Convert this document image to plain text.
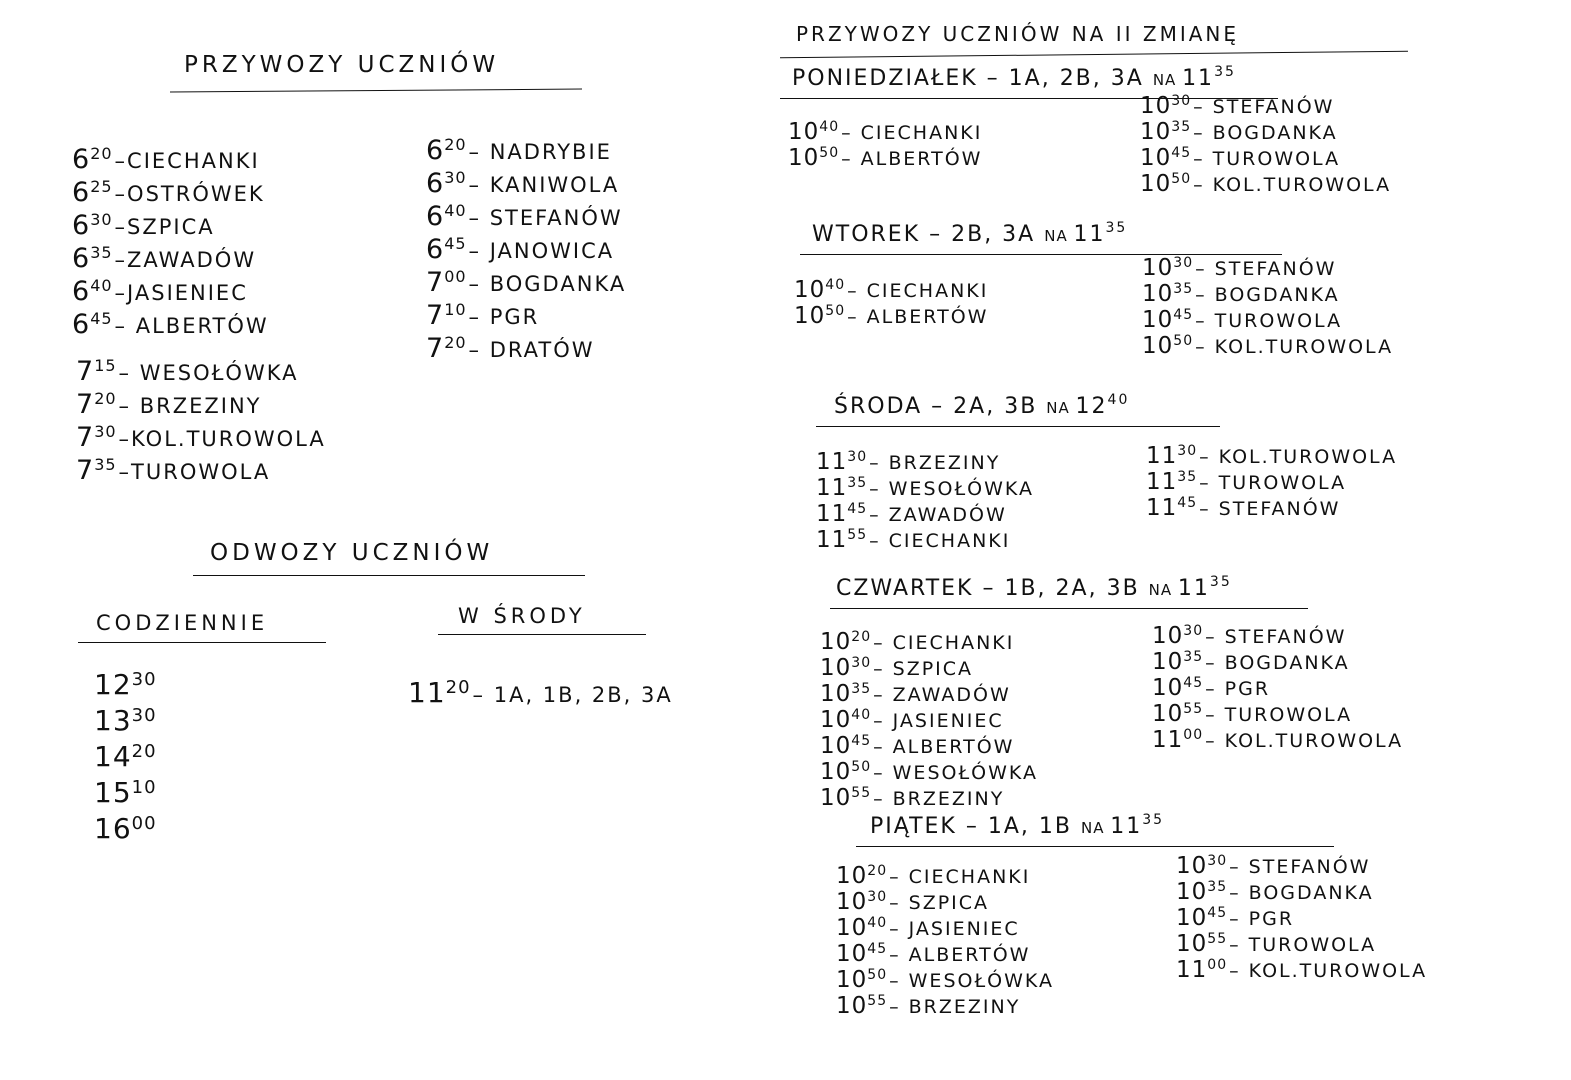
PRZYWOZY UCZNIÓW
$6^{20}$–CIECHANKI
$6^{25}$–OSTRÓWEK
$6^{30}$–SZPICA
$6^{35}$–ZAWADÓW
$6^{40}$–JASIENIEC
$6^{45}-$ ALBERTÓW
$7^{15}-$ WESOŁÓWKA
$7^{20}-$ BRZEZINY
$7^{30}-KOL.TUROWOLA$
$7^{35}$–TUROWOLA
$6^{20}-$ NADRYBIE
$6^{30}-$ KANIWOLA
$6^{40}-$ STEFANÓW
$6^{45}-$ JANOWICA
$7^{00}-$ BOGDANKA
$7^{10}-$ PGR
$7^{20}-$ DRATÓW
ODWOZY UCZNIÓW
CODZIENNIE	W ŚRODY
$12^{30}$
$13^{30}$
$14^{20}$
$15^{10}$
$16^{00}$
$11^{20}-$ 1A, 1B, 2B, 3A
PRZYWOZY UCZNIÓW NA II ZMIANĘ
PONIEDZIAŁEK – 1A, 2B, 3A NA $11^{35}$
$10^{40}$ – CIECHANKI
$10^{50}$ – ALBERTÓW
$10^{30}$ – STEFANÓW
$10^{35}$ – BOGDANKA
$10^{45}$ – TUROWOLA
$10^{50}$ – KOL.TUROWOLA
WTOREK – 2B, 3A NA $11^{35}$
$10^{40}$ – CIECHANKI
$10^{50}$ – ALBERTÓW
$10^{30}$ – STEFANÓW
$10^{35}$ – BOGDANKA
$10^{45}$ – TUROWOLA
$10^{50}$ – KOL.TUROWOLA
ŚRODA – 2A, 3B NA $12^{40}$
$11^{30}$ – BRZEZINY
$11^{35}$ – WESOŁÓWKA
$11^{45}$ – ZAWADÓW
$11^{55}$ – CIECHANKI
$11^{30}$ – KOL.TUROWOLA
$11^{35}$ – TUROWOLA
$11^{45}$ – STEFANÓW
CZWARTEK – 1B, 2A, 3B NA $11^{35}$
$10^{20}$ – CIECHANKI
$10^{30}$ – SZPICA
$10^{35}$ – ZAWADÓW
$10^{40}$ – JASIENIEC
$10^{45}$ – ALBERTÓW
$10^{50}$ – WESOŁÓWKA
$10^{55}$ – BRZEZINY
$10^{30}$ – STEFANÓW
$10^{35}$ – BOGDANKA
$10^{45}$ – PGR
$10^{55}$ – TUROWOLA
$11^{00}$ – KOL.TUROWOLA
PIĄTEK – 1A, 1B NA $11^{35}$
$10^{20}$ – CIECHANKI
$10^{30}$ – SZPICA
$10^{40}$ – JASIENIEC
$10^{45}$ – ALBERTÓW
$10^{50}$ – WESOŁÓWKA
$10^{55}$ – BRZEZINY
$10^{30}$ – STEFANÓW
$10^{35}$ – BOGDANKA
$10^{45}$ – PGR
$10^{55}$ – TUROWOLA
$11^{00}$ – KOL.TUROWOLA
